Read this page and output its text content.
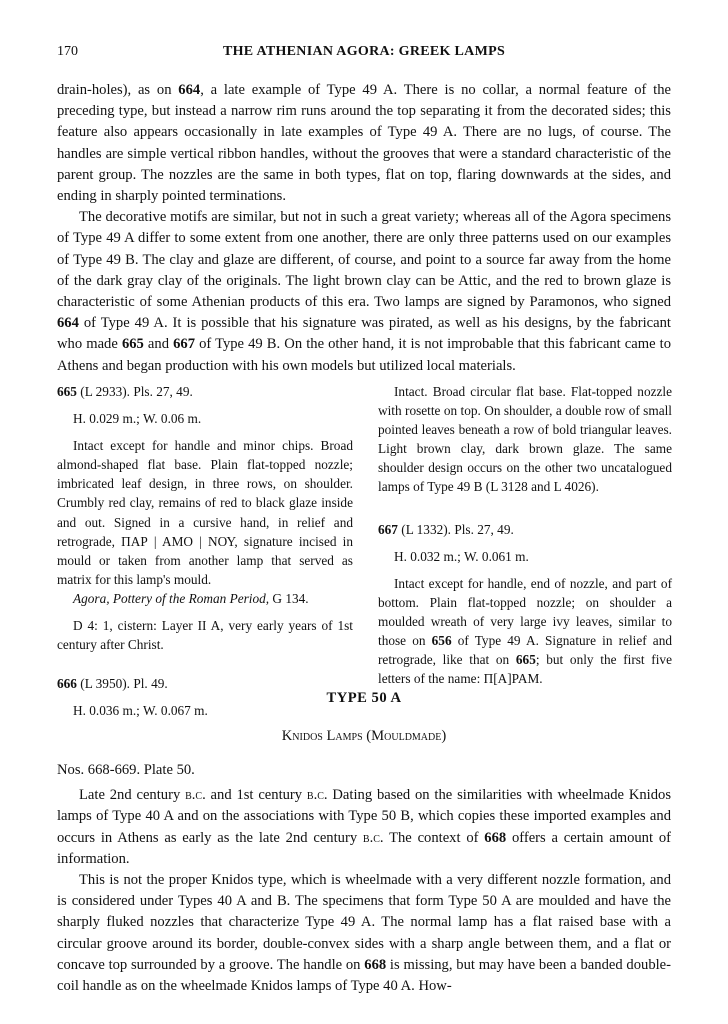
170	THE ATHENIAN AGORA: GREEK LAMPS

drain-holes), as on 664, a late example of Type 49 A. There is no collar, a normal feature of the preceding type, but instead a narrow rim runs around the top separating it from the decorated sides; this feature also appears occasionally in late examples of Type 49 A. There are no lugs, of course. The handles are simple vertical ribbon handles, without the grooves that were a standard characteristic of the parent group. The nozzles are the same in both types, flat on top, flaring downwards at the sides, and ending in sharply pointed terminations.

The decorative motifs are similar, but not in such a great variety; whereas all of the Agora specimens of Type 49 A differ to some extent from one another, there are only three patterns used on our examples of Type 49 B. The clay and glaze are different, of course, and point to a source far away from the home of the dark gray clay of the originals. The light brown clay can be Attic, and the red to brown glaze is characteristic of some Athenian products of this era. Two lamps are signed by Paramonos, who signed 664 of Type 49 A. It is possible that his signature was pirated, as well as his designs, by the fabricant who made 665 and 667 of Type 49 B. On the other hand, it is not improbable that this fabricant came to Athens and began production with his own models but utilized local materials.

665 (L 2933). Pls. 27, 49.

H. 0.029 m.; W. 0.06 m.

Intact except for handle and minor chips. Broad almond-shaped flat base. Plain flat-topped nozzle; imbricated leaf design, in three rows, on shoulder. Crumbly red clay, remains of red to black glaze inside and out. Signed in a cursive hand, in relief and retrograde, ΠΑΡ | ΑΜΟ | ΝΟΥ, signature incised in mould or taken from another lamp that served as matrix for this lamp's mould.

Agora, Pottery of the Roman Period, G 134.

D 4: 1, cistern: Layer II A, very early years of 1st century after Christ.

666 (L 3950). Pl. 49.

H. 0.036 m.; W. 0.067 m.

Intact. Broad circular flat base. Flat-topped nozzle with rosette on top. On shoulder, a double row of small pointed leaves beneath a row of bold triangular leaves. Light brown clay, dark brown glaze. The same shoulder design occurs on the other two uncatalogued lamps of Type 49 B (L 3128 and L 4026).

667 (L 1332). Pls. 27, 49.

H. 0.032 m.; W. 0.061 m.

Intact except for handle, end of nozzle, and part of bottom. Plain flat-topped nozzle; on shoulder a moulded wreath of very large ivy leaves, similar to those on 656 of Type 49 A. Signature in relief and retrograde, like that on 665; but only the first five letters of the name: Π[Α]ΡΑΜ.

TYPE 50 A
Knidos Lamps (Mouldmade)

Nos. 668-669. Plate 50.

Late 2nd century b.c. and 1st century b.c. Dating based on the similarities with wheelmade Knidos lamps of Type 40 A and on the associations with Type 50 B, which copies these imported examples and occurs in Athens as early as the late 2nd century b.c. The context of 668 offers a certain amount of information.

This is not the proper Knidos type, which is wheelmade with a very different nozzle formation, and is considered under Types 40 A and B. The specimens that form Type 50 A are moulded and have the sharply fluked nozzles that characterize Type 49 A. The normal lamp has a flat raised base with a circular groove around its border, double-convex sides with a sharp angle between them, and a flat or concave top surrounded by a groove. The handle on 668 is missing, but may have been a banded double-coil handle as on the wheelmade Knidos lamps of Type 40 A. How-
